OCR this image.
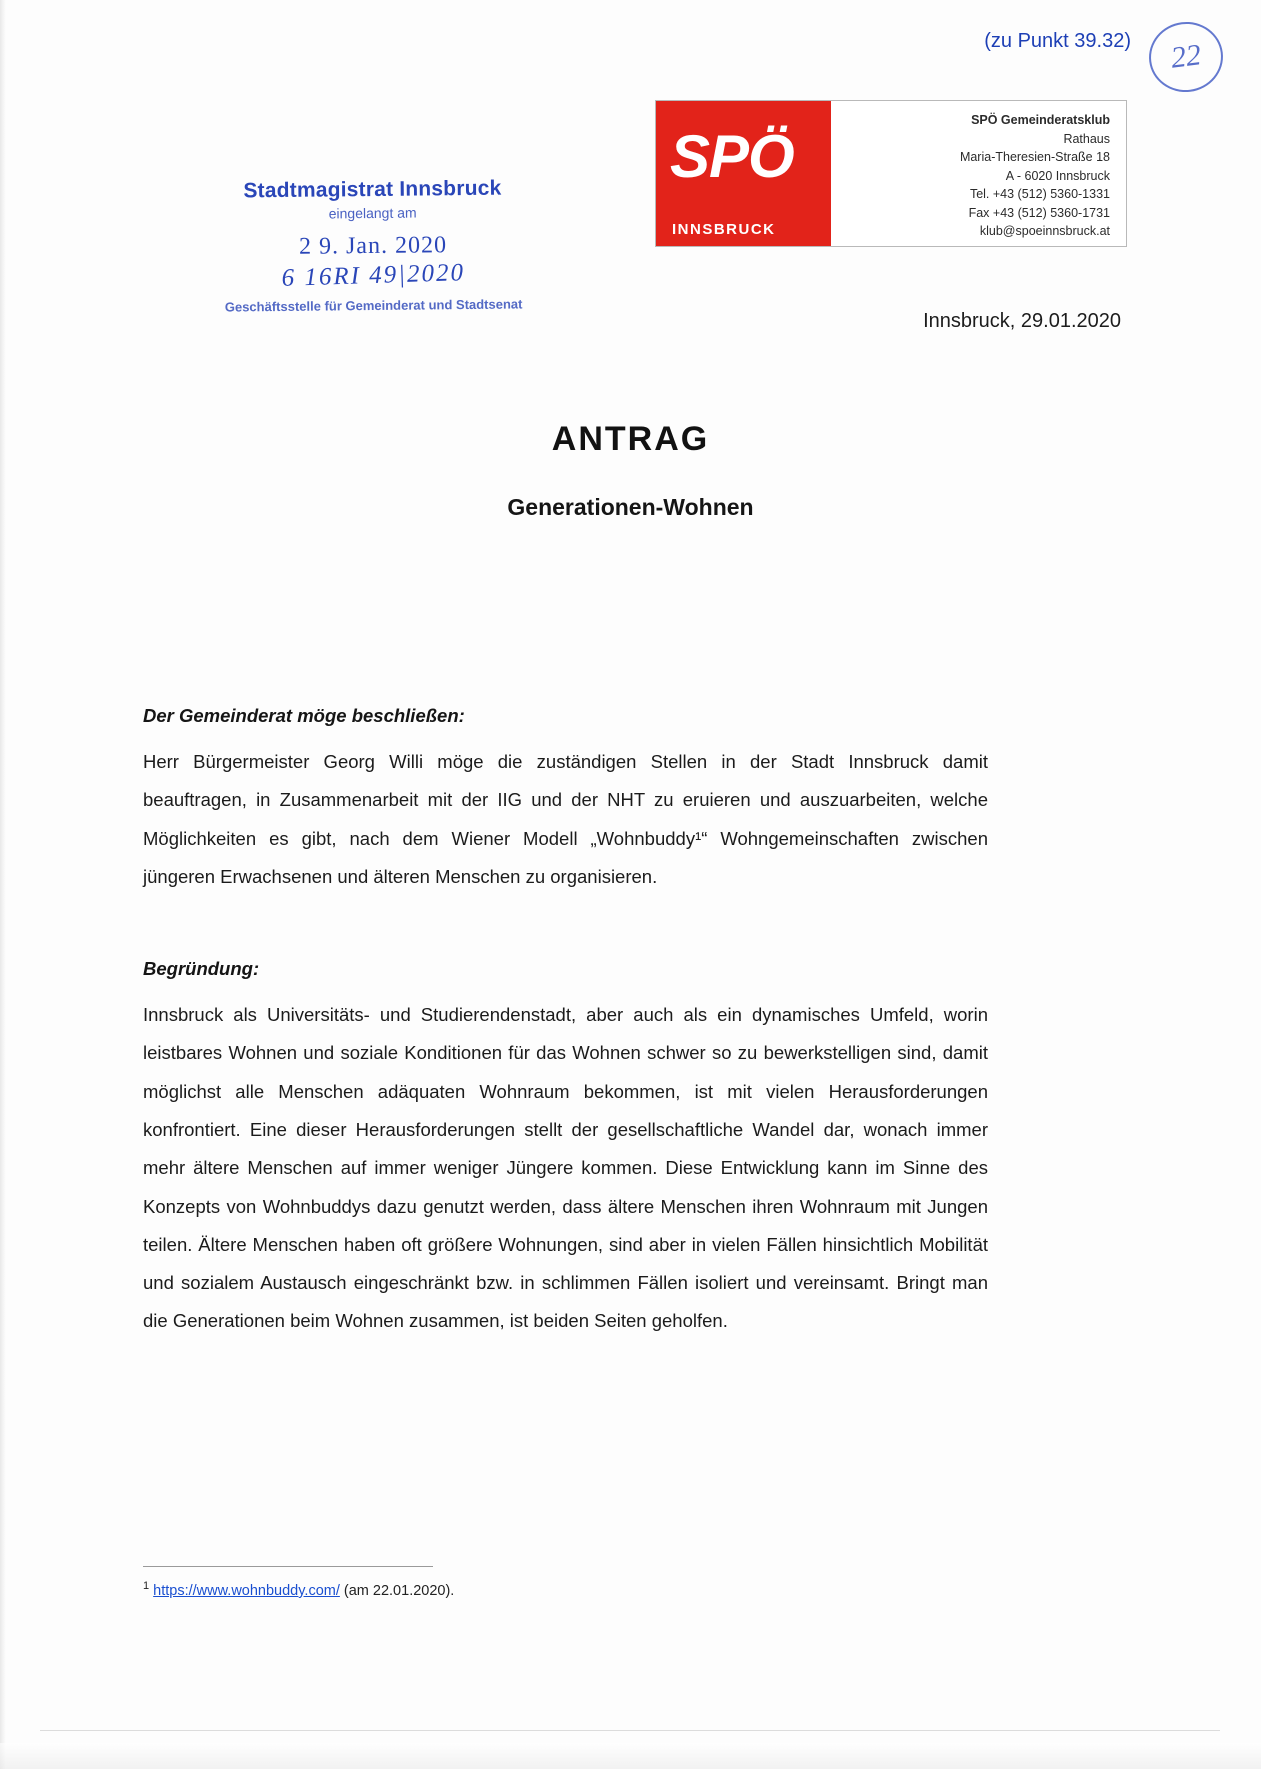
(zu Punkt 39.32)	22
Stadtmagistrat Innsbruck
eingelangt am
2 9. Jan. 2020
6 16RI 49|2020
Geschäftsstelle für Gemeinderat und Stadtsenat
SPÖ
INNSBRUCK
SPÖ Gemeinderatsklub
Rathaus
Maria-Theresien-Straße 18
A - 6020 Innsbruck
Tel. +43 (512) 5360-1331
Fax +43 (512) 5360-1731
klub@spoeinnsbruck.at
Innsbruck, 29.01.2020
ANTRAG
Generationen-Wohnen

Der Gemeinderat möge beschließen:

Herr Bürgermeister Georg Willi möge die zuständigen Stellen in der Stadt Innsbruck damit beauftragen, in Zusammenarbeit mit der IIG und der NHT zu eruieren und auszuarbeiten, welche Möglichkeiten es gibt, nach dem Wiener Modell „Wohnbuddy¹“ Wohngemeinschaften zwischen jüngeren Erwachsenen und älteren Menschen zu organisieren.

Begründung:

Innsbruck als Universitäts- und Studierendenstadt, aber auch als ein dynamisches Umfeld, worin leistbares Wohnen und soziale Konditionen für das Wohnen schwer so zu bewerkstelligen sind, damit möglichst alle Menschen adäquaten Wohnraum bekommen, ist mit vielen Herausforderungen konfrontiert. Eine dieser Herausforderungen stellt der gesellschaftliche Wandel dar, wonach immer mehr ältere Menschen auf immer weniger Jüngere kommen. Diese Entwicklung kann im Sinne des Konzepts von Wohnbuddys dazu genutzt werden, dass ältere Menschen ihren Wohnraum mit Jungen teilen. Ältere Menschen haben oft größere Wohnungen, sind aber in vielen Fällen hinsichtlich Mobilität und sozialem Austausch eingeschränkt bzw. in schlimmen Fällen isoliert und vereinsamt. Bringt man die Generationen beim Wohnen zusammen, ist beiden Seiten geholfen.

$^1$ https://www.wohnbuddy.com/ (am 22.01.2020).
